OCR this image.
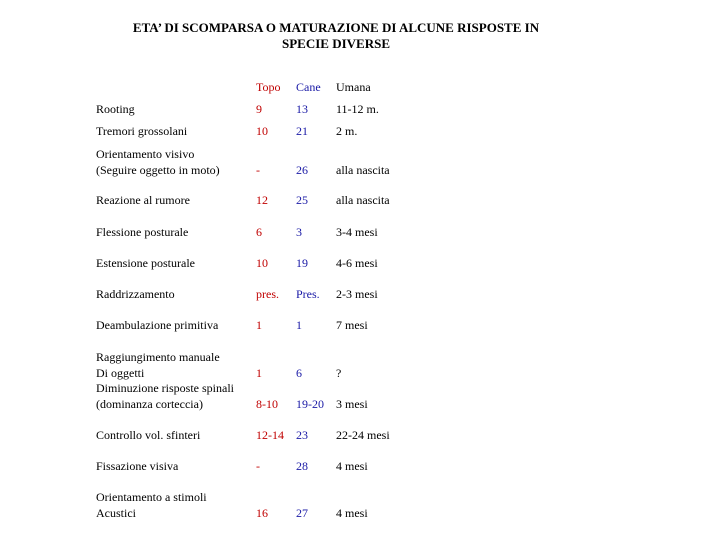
ETA’ DI SCOMPARSA O MATURAZIONE DI ALCUNE RISPOSTE IN
SPECIE DIVERSE
Topo Cane Umana
Rooting	9	13 11-12 m.
Tremori grossolani	10 21 2 m.
Orientamento visivo
(Seguire oggetto in moto)	-	26 alla nascita
Reazione al rumore	12 25 alla nascita
Flessione posturale	6	3	3-4 mesi
Estensione posturale	10 19 4-6 mesi
Raddrizzamento	pres. Pres. 2-3 mesi
Deambulazione primitiva	1	1	7 mesi
Raggiungimento manuale
Di oggetti	1	6	?
Diminuzione risposte spinali
(dominanza corteccia)	8-10 19-20 3 mesi
Controllo vol. sfinteri	12-14 23 22-24 mesi
Fissazione visiva	-	28 4 mesi
Orientamento a stimoli
Acustici	16 27 4 mesi
